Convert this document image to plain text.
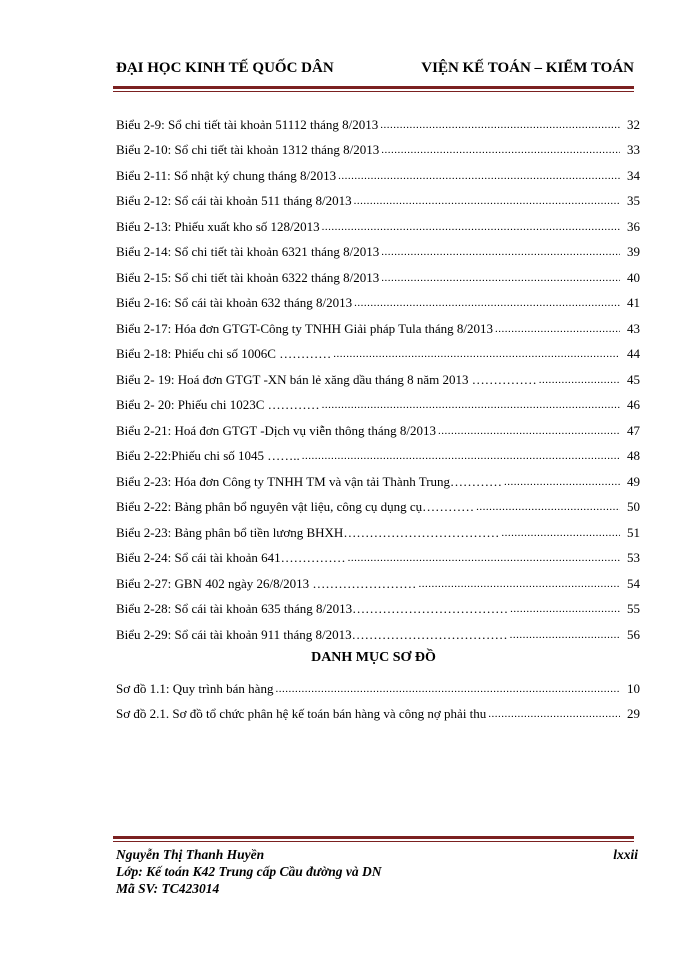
ĐẠI HỌC KINH TẾ QUỐC DÂN	VIỆN KẾ TOÁN – KIỂM TOÁN
Biểu 2-9: Sổ chi tiết tài khoản 51112 tháng 8/2013 .....	32
Biểu 2-10: Sổ chi tiết tài khoản 1312 tháng 8/2013 .....	33
Biểu 2-11: Sổ nhật ký chung tháng 8/2013 .....	34
Biểu 2-12: Sổ cái tài khoản 511 tháng 8/2013 .....	35
Biểu 2-13: Phiếu xuất kho số 128/2013 .....	36
Biểu 2-14: Sổ chi tiết tài khoản 6321 tháng 8/2013 .....	39
Biểu 2-15: Sổ chi tiết tài khoản 6322 tháng 8/2013 .....	40
Biểu 2-16: Sổ cái tài khoản 632 tháng 8/2013 .....	41
Biểu 2-17: Hóa đơn GTGT-Công ty TNHH Giải pháp Tula tháng 8/2013 .....	43
Biểu 2-18: Phiếu chi số 1006C ………… .....	44
Biểu 2- 19: Hoá đơn GTGT -XN bán lẻ xăng dầu tháng 8 năm 2013 …………… .....	45
Biểu 2- 20: Phiếu chi 1023C ………… .....	46
Biểu 2-21: Hoá đơn GTGT -Dịch vụ viễn thông tháng 8/2013 .....	47
Biểu 2-22:Phiếu chi số 1045 …….. .....	48
Biểu 2-23: Hóa đơn Công ty TNHH TM và vận tải Thành Trung………… .....	49
Biểu 2-22: Bảng phân bổ nguyên vật liệu, công cụ dụng cụ………… .....	50
Biểu 2-23: Bảng phân bổ tiền lương BHXH……………………………… .....	51
Biểu 2-24: Sổ cái tài khoản 641…………… .....	53
Biểu 2-27: GBN 402 ngày 26/8/2013 …………………… .....	54
Biểu 2-28: Sổ cái tài khoản 635 tháng 8/2013……………………………… .....	55
Biểu 2-29: Sổ cái tài khoản 911 tháng 8/2013……………………………… .....	56
DANH MỤC SƠ ĐỒ
Sơ đồ 1.1: Quy trình bán hàng .....	10
Sơ đồ 2.1. Sơ đồ tổ chức phân hệ kế toán bán hàng và công nợ phải thu .....	29
Nguyễn Thị Thanh Huyền
Lớp: Kế toán K42 Trung cấp Cầu đường và DN
Mã SV: TC423014
lxxii
